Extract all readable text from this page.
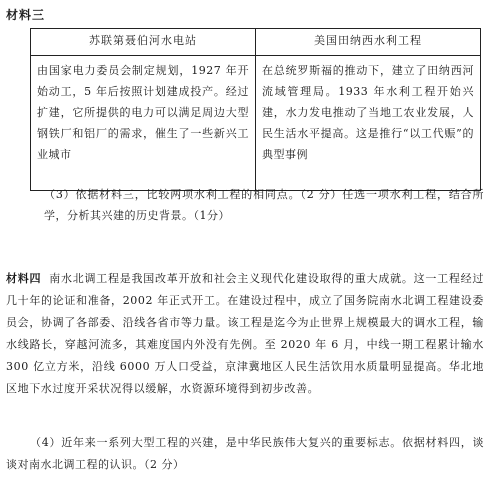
材料三
苏联第聂伯河水电站	美国田纳西水利工程
由国家电力委员会制定规划，1927 年开始动工，5 年后按照计划建成投产。经过扩建，它所提供的电力可以满足周边大型钢铁厂和铝厂的需求，催生了一些新兴工业城市	在总统罗斯福的推动下，建立了田纳西河流域管理局。1933 年水利工程开始兴建，水力发电推动了当地工农业发展，人民生活水平提高。这是推行“以工代赈”的典型事例
（3）依据材料三，比较两项水利工程的相同点。（2 分）任选一项水利工程，结合所学，分析其兴建的历史背景。（1分）
材料四 南水北调工程是我国改革开放和社会主义现代化建设取得的重大成就。这一工程经过几十年的论证和准备，2002 年正式开工。在建设过程中，成立了国务院南水北调工程建设委员会，协调了各部委、沿线各省市等力量。该工程是迄今为止世界上规模最大的调水工程，输水线路长，穿越河流多，其难度国内外没有先例。至 2020 年 6 月，中线一期工程累计输水 300 亿立方米，沿线 6000 万人口受益，京津冀地区人民生活饮用水质量明显提高。华北地区地下水过度开采状况得以缓解，水资源环境得到初步改善。
（4）近年来一系列大型工程的兴建，是中华民族伟大复兴的重要标志。依据材料四，谈谈对南水北调工程的认识。（2 分）
